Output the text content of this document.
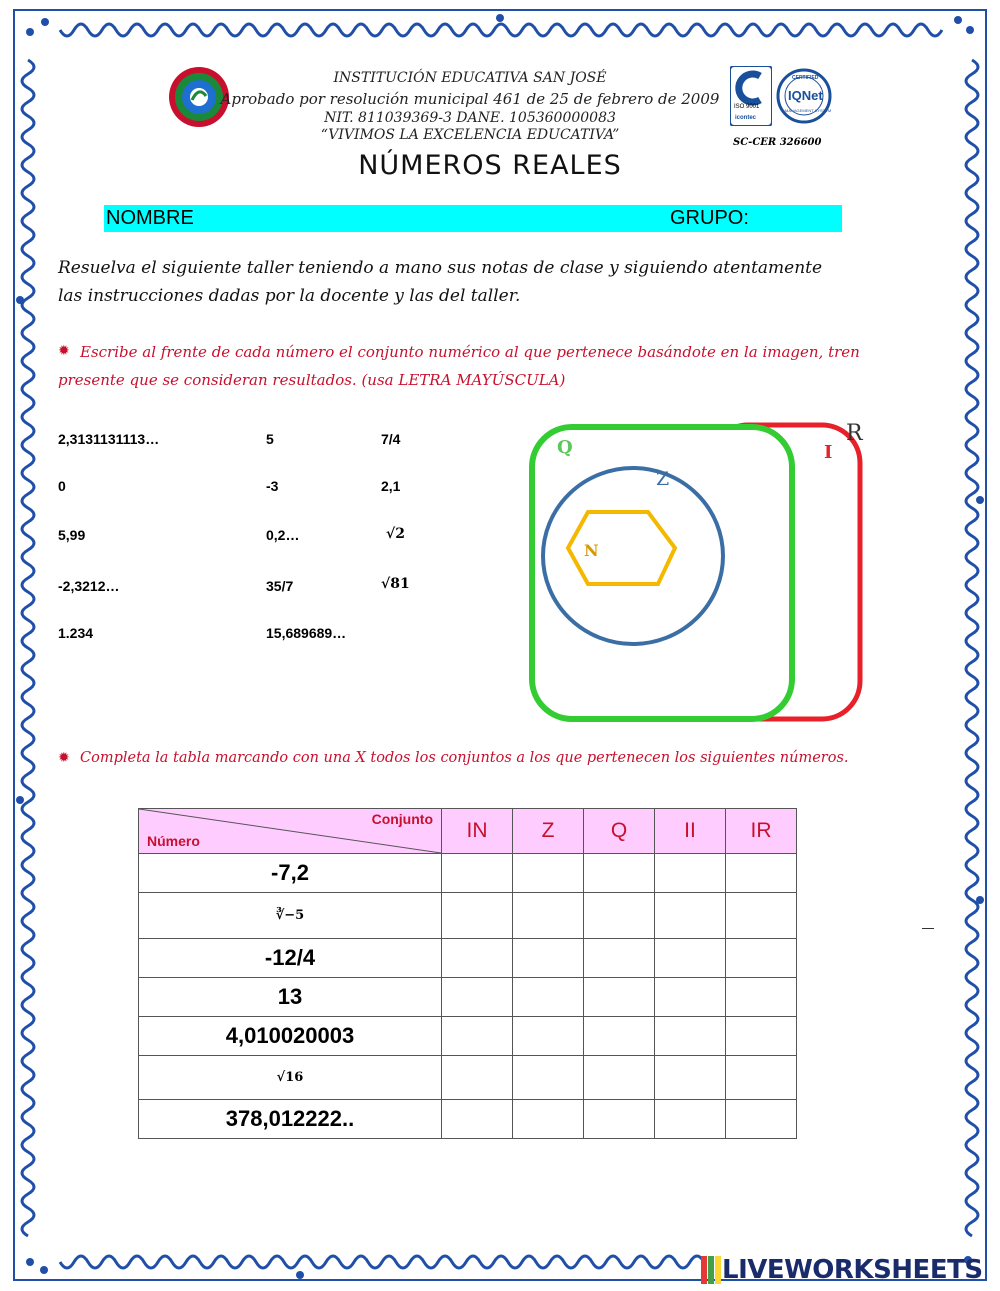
INSTITUCIÓN EDUCATIVA SAN JOSÉ
Aprobado por resolución municipal 461 de 25 de febrero de 2009
NIT. 811039369-3 DANE. 105360000083
“VIVIMOS LA EXCELENCIA EDUCATIVA”
ISO 9001
icontec
CERTIFIED
IQNet
MANAGEMENT SYSTEM
SC-CER 326600
NÚMEROS REALES
NOMBRE	GRUPO:
Resuelva el siguiente taller teniendo a mano sus notas de clase y siguiendo atentamente
las instrucciones dadas por la docente y las del taller.
✹ Escribe al frente de cada número el conjunto numérico al que pertenece basándote en la imagen, tren
presente que se consideran resultados. (usa LETRA MAYÚSCULA)
2,3131131113…	5	7/4
0	-3	2,1
5,99	0,2…	√2
-2,3212…	35/7	√81
1.234	15,689689…
R
I
Q
Z
N
✹ Completa la tabla marcando con una X todos los conjuntos a los que pertenecen los siguientes números.
Conjunto
Número	IN	Z	Q	II	IR
-7,2					
∛−5					
-12/4					
13					
4,010020003					
√16					
378,012222..					
LIVEWORKSHEETS
